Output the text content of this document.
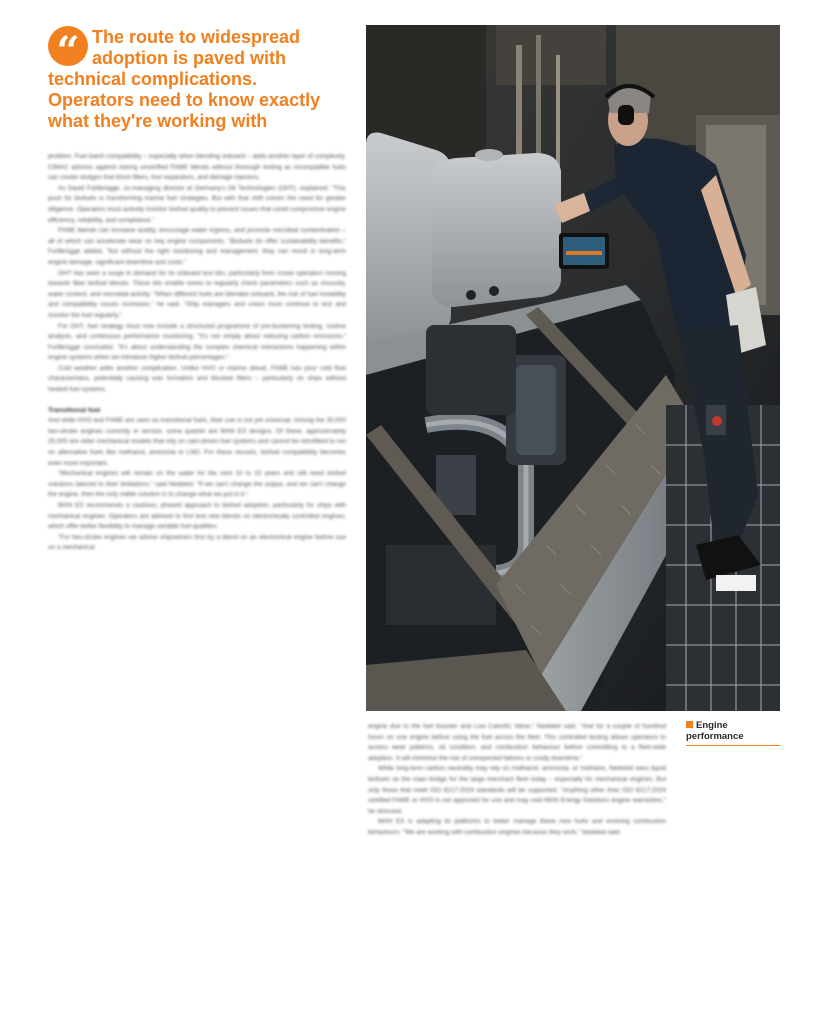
“ The route to widespread
adoption is paved with
technical complications.
Operators need to know exactly
what they're working with

problem. Fuel batch compatibility – especially when blending onboard – adds another layer of complexity. CIMAC advises against mixing unverified FAME blends without thorough testing as incompatible fuels can create sludges that block filters, foul separators, and damage injectors.

As David Fuhlbrügge, co-managing director at Germany's Oil Technologies (OHT), explained: "This push for biofuels is transforming marine fuel strategies. But with that shift comes the need for greater diligence. Operators must actively monitor biofuel quality to prevent issues that could compromise engine efficiency, reliability, and compliance."

FAME blends can increase acidity, encourage water ingress, and promote microbial contamination – all of which can accelerate wear on key engine components. "Biofuels do offer sustainability benefits," Fuhlbrügge added, "but without the right monitoring and management, they can result in long-term engine damage, significant downtime and costs."

OHT has seen a surge in demand for its onboard test kits, particularly from cruise operators moving towards fiber biofuel blends. These kits enable crews to regularly check parameters such as viscosity, water content, and microbial activity. "When different fuels are blended onboard, the risk of fuel instability and compatibility issues increases," he said. "Ship managers and crews must continue to test and monitor the fuel regularly."

For OHT, fuel strategy must now include a structured programme of pre-bunkering testing, routine analysis, and continuous performance monitoring. "It's not simply about reducing carbon emissions," Fuhlbrügge concluded. "It's about understanding the complex chemical interactions happening within engine systems when we introduce higher biofuel percentages."

Cold weather adds another complication. Unlike HVO or marine diesel, FAME has poor cold flow characteristics, potentially causing wax formation and blocked filters – particularly on ships without heated fuel systems.

Transitional fuel

And while HVO and FAME are seen as transitional fuels, their use is not yet universal. Among the 30,000 two-stroke engines currently in service, some quarter are MAN ES designs. Of these, approximately 25,000 are older mechanical models that rely on cam-driven fuel systems and cannot be retrofitted to run on alternative fuels like methanol, ammonia or LNG. For these vessels, biofuel compatibility becomes even more important.

"Mechanical engines will remain on the water for the next 10 to 15 years and still need biofuel solutions tailored to their limitations," said Nedeled. "If we can't change the output, and we can't change the engine, then the only viable solution is to change what we put in it."

MAN ES recommends a cautious, phased approach to biofuel adoption, particularly for ships with mechanical engines. Operators are advised to first test new blends on electronically controlled engines, which offer better flexibility to manage variable fuel qualities.

"For two-stroke engines we advise shipowners first try a blend on an electronical engine before use on a mechanical

Engine performance

engine due to the fuel booster and Low Calorific Value," Nedeled said. "And for a couple of hundred hours on one engine before using the fuel across the fleet. This controlled testing allows operators to assess wear patterns, oil condition, and combustion behaviour before committing to a fleet-wide adoption. It will minimise the risk of unexpected failures or costly downtime."

While long-term carbon neutrality may rely on methanol, ammonia, or methane, Nedeled sees liquid biofuels as the main bridge for the large merchant fleet today – especially for mechanical engines. But only those that meet ISO 8217:2024 standards will be supported. "Anything other than ISO 8217:2024 certified FAME or HVO is not approved for use and may void MAN Energy Solutions engine warranties," he stressed.

MAN ES is adapting its platforms to better manage these new fuels and evolving combustion behaviours. "We are working with combustion engines because they work," Nedeled said.
